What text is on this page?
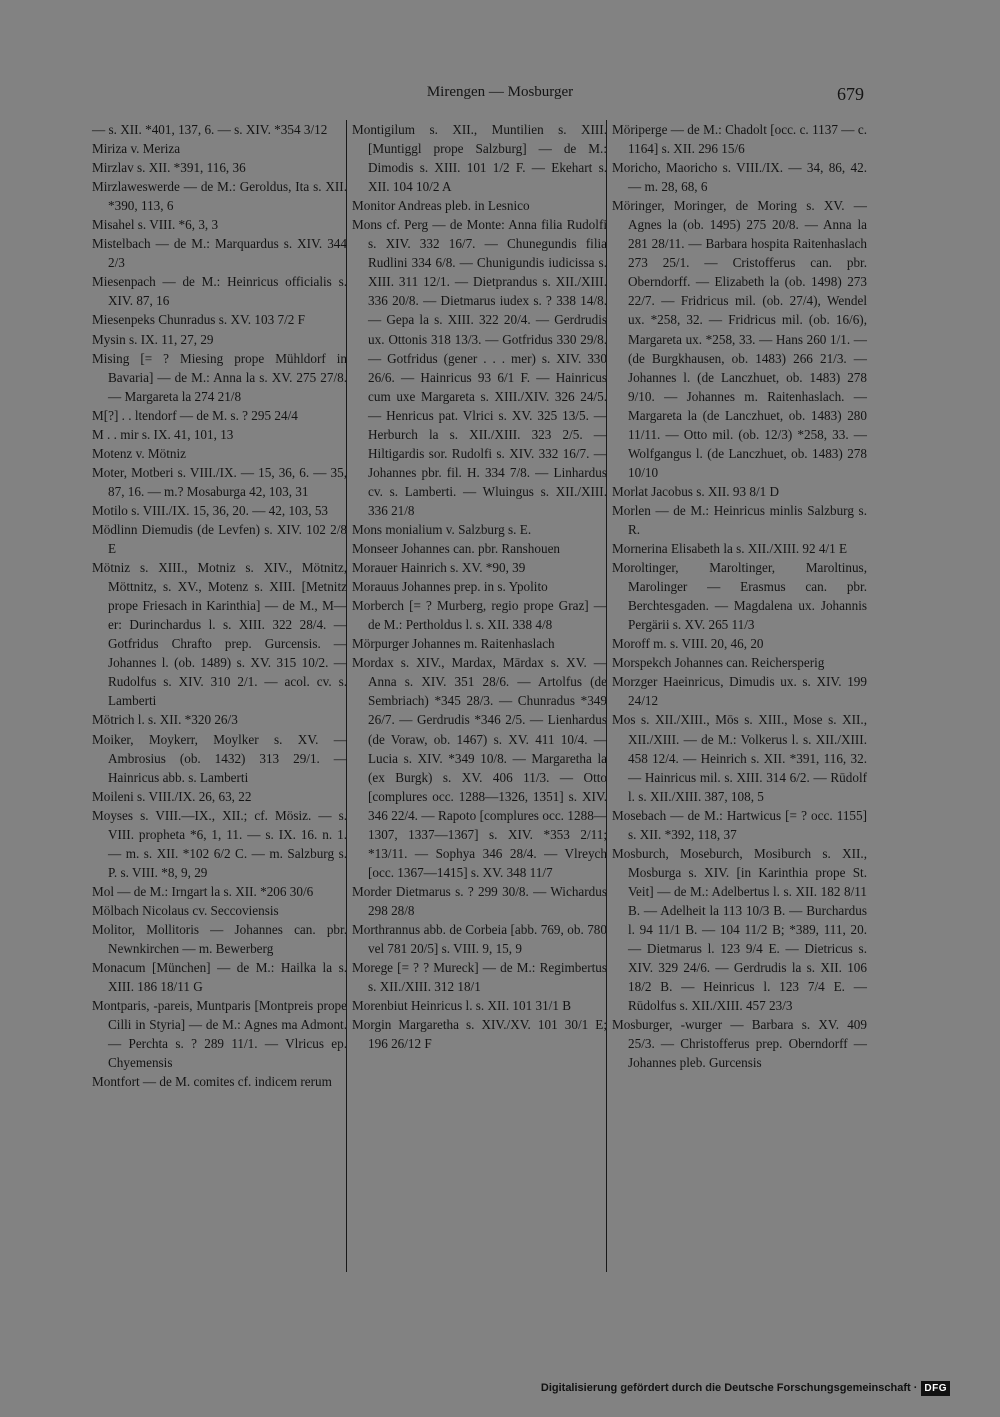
Mirengen — Mosburger	679

— s. XII. *401, 137, 6. — s. XIV. *354 3/12

Miriza v. Meriza

Mirzlav s. XII. *391, 116, 36

Mirzlaweswerde — de M.: Geroldus, Ita s. XII. *390, 113, 6

Misahel s. VIII. *6, 3, 3

Mistelbach — de M.: Marquardus s. XIV. 344 2/3

Miesenpach — de M.: Heinricus officialis s. XIV. 87, 16

Miesenpeks Chunradus s. XV. 103 7/2 F

Mysin s. IX. 11, 27, 29

Mising [= ? Miesing prope Mühldorf in Bavaria] — de M.: Anna la s. XV. 275 27/8. — Margareta la 274 21/8

M[?] . . ltendorf — de M. s. ? 295 24/4

M . . mir s. IX. 41, 101, 13

Motenz v. Mötniz

Moter, Motberi s. VIII./IX. — 15, 36, 6. — 35, 87, 16. — m.? Mosaburga 42, 103, 31

Motilo s. VIII./IX. 15, 36, 20. — 42, 103, 53

Mödlinn Diemudis (de Levfen) s. XIV. 102 2/8 E

Mötniz s. XIII., Motniz s. XIV., Mötnitz, Möttnitz, s. XV., Motenz s. XIII. [Metnitz prope Friesach in Karinthia] — de M., M—er: Durinchardus l. s. XIII. 322 28/4. — Gotfridus Chrafto prep. Gurcensis. — Johannes l. (ob. 1489) s. XV. 315 10/2. — Rudolfus s. XIV. 310 2/1. — acol. cv. s. Lamberti

Mötrich l. s. XII. *320 26/3

Moiker, Moykerr, Moylker s. XV. — Ambrosius (ob. 1432) 313 29/1. — Hainricus abb. s. Lamberti

Moileni s. VIII./IX. 26, 63, 22

Moyses s. VIII.—IX., XII.; cf. Mösiz. — s. VIII. propheta *6, 1, 11. — s. IX. 16. n. 1. — m. s. XII. *102 6/2 C. — m. Salzburg s. P. s. VIII. *8, 9, 29

Mol — de M.: Irngart la s. XII. *206 30/6

Mölbach Nicolaus cv. Seccoviensis

Molitor, Mollitoris — Johannes can. pbr. Newnkirchen — m. Bewerberg

Monacum [München] — de M.: Hailka la s. XIII. 186 18/11 G

Montparis, -pareis, Muntparis [Montpreis prope Cilli in Styria] — de M.: Agnes ma Admont. — Perchta s. ? 289 11/1. — Vlricus ep. Chyemensis

Montfort — de M. comites cf. indicem rerum

Montigilum s. XII., Muntilien s. XIII. [Muntiggl prope Salzburg] — de M.: Dimodis s. XIII. 101 1/2 F. — Ekehart s. XII. 104 10/2 A

Monitor Andreas pleb. in Lesnico

Mons cf. Perg — de Monte: Anna filia Rudolfi s. XIV. 332 16/7. — Chunegundis filia Rudlini 334 6/8. — Chunigundis iudicissa s. XIII. 311 12/1. — Dietprandus s. XII./XIII. 336 20/8. — Dietmarus iudex s. ? 338 14/8. — Gepa la s. XIII. 322 20/4. — Gerdrudis ux. Ottonis 318 13/3. — Gotfridus 330 29/8. — Gotfridus (gener . . . mer) s. XIV. 330 26/6. — Hainricus 93 6/1 F. — Hainricus cum uxe Margareta s. XIII./XIV. 326 24/5. — Henricus pat. Vlrici s. XV. 325 13/5. — Herburch la s. XII./XIII. 323 2/5. — Hiltigardis sor. Rudolfi s. XIV. 332 16/7. — Johannes pbr. fil. H. 334 7/8. — Linhardus cv. s. Lamberti. — Wluingus s. XII./XIII. 336 21/8

Mons monialium v. Salzburg s. E.

Monseer Johannes can. pbr. Ranshouen

Morauer Hainrich s. XV. *90, 39

Morauus Johannes prep. in s. Ypolito

Morberch [= ? Murberg, regio prope Graz] — de M.: Pertholdus l. s. XII. 338 4/8

Mörpurger Johannes m. Raitenhaslach

Mordax s. XIV., Mardax, Mārdax s. XV. — Anna s. XIV. 351 28/6. — Artolfus (de Sembriach) *345 28/3. — Chunradus *349 26/7. — Gerdrudis *346 2/5. — Lienhardus (de Voraw, ob. 1467) s. XV. 411 10/4. — Lucia s. XIV. *349 10/8. — Margaretha la (ex Burgk) s. XV. 406 11/3. — Otto [complures occ. 1288—1326, 1351] s. XIV. 346 22/4. — Rapoto [complures occ. 1288—1307, 1337—1367] s. XIV. *353 2/11; *13/11. — Sophya 346 28/4. — Vlreych [occ. 1367—1415] s. XV. 348 11/7

Morder Dietmarus s. ? 299 30/8. — Wichardus 298 28/8

Morthrannus abb. de Corbeia [abb. 769, ob. 780 vel 781 20/5] s. VIII. 9, 15, 9

Morege [= ? ? Mureck] — de M.: Regimbertus s. XII./XIII. 312 18/1

Morenbiut Heinricus l. s. XII. 101 31/1 B

Morgin Margaretha s. XIV./XV. 101 30/1 E; 196 26/12 F

Möriperge — de M.: Chadolt [occ. c. 1137 — c. 1164] s. XII. 296 15/6

Moricho, Maoricho s. VIII./IX. — 34, 86, 42. — m. 28, 68, 6

Möringer, Moringer, de Moring s. XV. — Agnes la (ob. 1495) 275 20/8. — Anna la 281 28/11. — Barbara hospita Raitenhaslach 273 25/1. — Cristofferus can. pbr. Oberndorff. — Elizabeth la (ob. 1498) 273 22/7. — Fridricus mil. (ob. 27/4), Wendel ux. *258, 32. — Fridricus mil. (ob. 16/6), Margareta ux. *258, 33. — Hans 260 1/1. — (de Burgkhausen, ob. 1483) 266 21/3. — Johannes l. (de Lanczhuet, ob. 1483) 278 9/10. — Johannes m. Raitenhaslach. — Margareta la (de Lanczhuet, ob. 1483) 280 11/11. — Otto mil. (ob. 12/3) *258, 33. — Wolfgangus l. (de Lanczhuet, ob. 1483) 278 10/10

Morlat Jacobus s. XII. 93 8/1 D

Morlen — de M.: Heinricus minlis Salzburg s. R.

Mornerina Elisabeth la s. XII./XIII. 92 4/1 E

Moroltinger, Maroltinger, Maroltinus, Marolinger — Erasmus can. pbr. Berchtesgaden. — Magdalena ux. Johannis Pergärii s. XV. 265 11/3

Moroff m. s. VIII. 20, 46, 20

Morspekch Johannes can. Reichersperig

Morzger Haeinricus, Dimudis ux. s. XIV. 199 24/12

Mos s. XII./XIII., Mōs s. XIII., Mose s. XII., XII./XIII. — de M.: Volkerus l. s. XII./XIII. 458 12/4. — Heinrich s. XII. *391, 116, 32. — Hainricus mil. s. XIII. 314 6/2. — Rūdolf l. s. XII./XIII. 387, 108, 5

Mosebach — de M.: Hartwicus [= ? occ. 1155] s. XII. *392, 118, 37

Mosburch, Moseburch, Mosiburch s. XII., Mosburga s. XIV. [in Karinthia prope St. Veit] — de M.: Adelbertus l. s. XII. 182 8/11 B. — Adelheit la 113 10/3 B. — Burchardus l. 94 11/1 B. — 104 11/2 B; *389, 111, 20. — Dietmarus l. 123 9/4 E. — Dietricus s. XIV. 329 24/6. — Gerdrudis la s. XII. 106 18/2 B. — Heinricus l. 123 7/4 E. — Rūdolfus s. XII./XIII. 457 23/3

Mosburger, -wurger — Barbara s. XV. 409 25/3. — Christofferus prep. Oberndorff — Johannes pleb. Gurcensis

Digitalisierung gefördert durch die Deutsche Forschungsgemeinschaft · DFG
